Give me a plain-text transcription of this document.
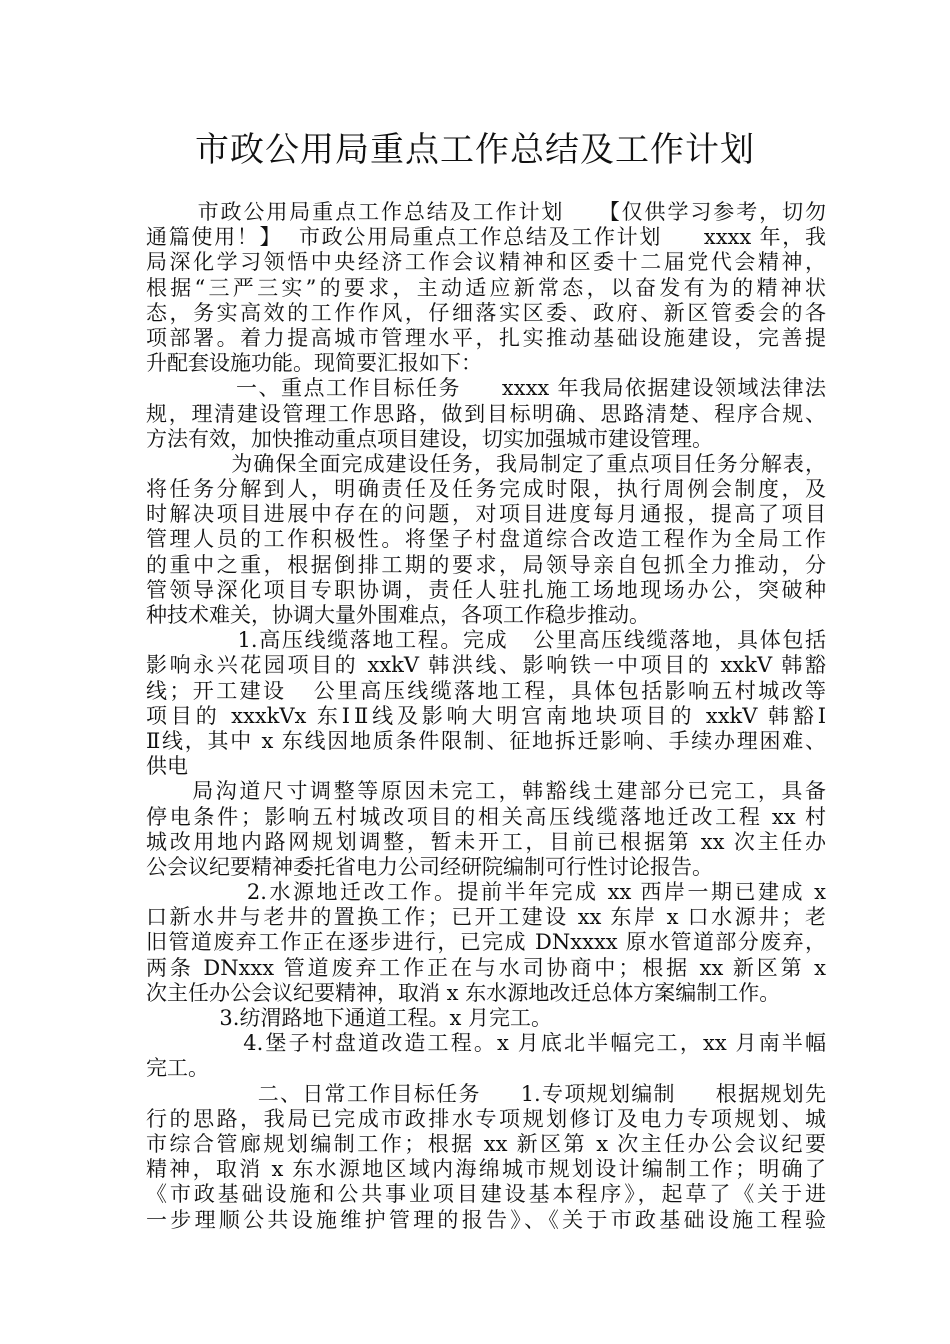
市政公用局重点工作总结及工作计划
市政公用局重点工作总结及工作计划    【仅供学习参考，切勿
通篇使用！】  市政公用局重点工作总结及工作计划     xxxx 年，我
局深化学习领悟中央经济工作会议精神和区委十二届党代会精神，
根据“三严三实”的要求，主动适应新常态，以奋发有为的精神状
态，务实高效的工作作风，仔细落实区委、政府、新区管委会的各
项部署。着力提高城市管理水平，扎实推动基础设施建设，完善提
升配套设施功能。现简要汇报如下：
一、重点工作目标任务     xxxx 年我局依据建设领域法律法
规，理清建设管理工作思路，做到目标明确、思路清楚、程序合规、
方法有效，加快推动重点项目建设，切实加强城市建设管理。
为确保全面完成建设任务，我局制定了重点项目任务分解表，
将任务分解到人，明确责任及任务完成时限，执行周例会制度，及
时解决项目进展中存在的问题，对项目进度每月通报，提高了项目
管理人员的工作积极性。将堡子村盘道综合改造工程作为全局工作
的重中之重，根据倒排工期的要求，局领导亲自包抓全力推动，分
管领导深化项目专职协调，责任人驻扎施工场地现场办公，突破种
种技术难关，协调大量外围难点，各项工作稳步推动。
1.高压线缆落地工程。完成   公里高压线缆落地，具体包括
影响永兴花园项目的 xxkV 韩洪线、影响铁一中项目的 xxkV 韩豁
线；开工建设   公里高压线缆落地工程，具体包括影响五村城改等
项目的 xxxkVx 东ⅠⅡ线及影响大明宫南地块项目的 xxkV 韩豁Ⅰ
Ⅱ线，其中 x 东线因地质条件限制、征地拆迁影响、手续办理困难、
供电
局沟道尺寸调整等原因未完工，韩豁线土建部分已完工，具备
停电条件；影响五村城改项目的相关高压线缆落地迁改工程 xx 村
城改用地内路网规划调整，暂未开工，目前已根据第 xx 次主任办
公会议纪要精神委托省电力公司经研院编制可行性讨论报告。
2.水源地迁改工作。提前半年完成 xx 西岸一期已建成 x
口新水井与老井的置换工作；已开工建设 xx 东岸 x 口水源井；老
旧管道废弃工作正在逐步进行，已完成 DNxxxx 原水管道部分废弃，
两条 DNxxx 管道废弃工作正在与水司协商中；根据 xx 新区第 x
次主任办公会议纪要精神，取消 x 东水源地改迁总体方案编制工作。
3.纺渭路地下通道工程。x 月完工。
4.堡子村盘道改造工程。x 月底北半幅完工，xx 月南半幅
完工。
二、日常工作目标任务     1.专项规划编制     根据规划先
行的思路，我局已完成市政排水专项规划修订及电力专项规划、城
市综合管廊规划编制工作；根据 xx 新区第 x 次主任办公会议纪要
精神，取消 x 东水源地区域内海绵城市规划设计编制工作；明确了
《市政基础设施和公共事业项目建设基本程序》，起草了《关于进
一步理顺公共设施维护管理的报告》、《关于市政基础设施工程验
